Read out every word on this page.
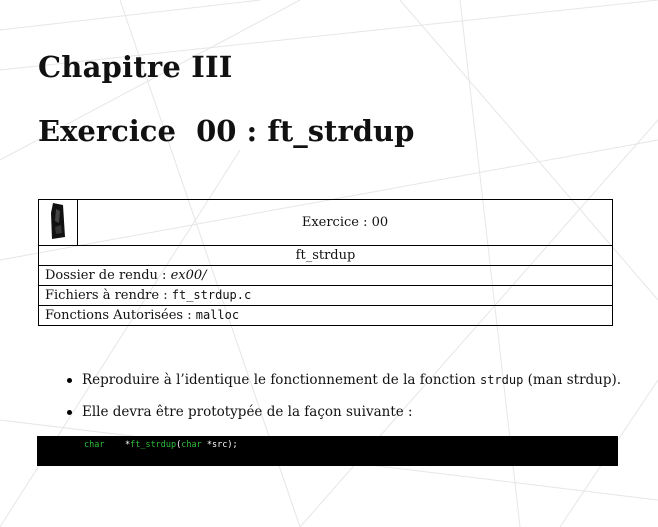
Chapitre III
Exercice  00 : ft_strdup
	Exercice : 00
ft_strdup
Dossier de rendu : ex00/
Fichiers à rendre : ft_strdup.c
Fonctions Autorisées : malloc
Reproduire à l’identique le fonctionnement de la fonction strdup (man strdup).
Elle devra être prototypée de la façon suivante :
char *ft_strdup(char *src);
